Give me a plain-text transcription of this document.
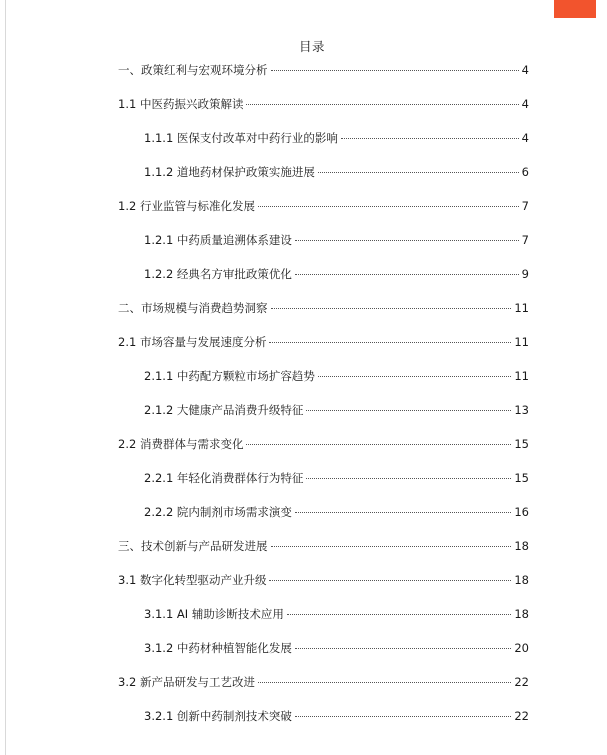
目录
一、政策红利与宏观环境分析	4
1.1 中医药振兴政策解读	4
1.1.1 医保支付改革对中药行业的影响	4
1.1.2 道地药材保护政策实施进展	6
1.2 行业监管与标准化发展	7
1.2.1 中药质量追溯体系建设	7
1.2.2 经典名方审批政策优化	9
二、市场规模与消费趋势洞察	11
2.1 市场容量与发展速度分析	11
2.1.1 中药配方颗粒市场扩容趋势	11
2.1.2 大健康产品消费升级特征	13
2.2 消费群体与需求变化	15
2.2.1 年轻化消费群体行为特征	15
2.2.2 院内制剂市场需求演变	16
三、技术创新与产品研发进展	18
3.1 数字化转型驱动产业升级	18
3.1.1 AI 辅助诊断技术应用	18
3.1.2 中药材种植智能化发展	20
3.2 新产品研发与工艺改进	22
3.2.1 创新中药制剂技术突破	22
